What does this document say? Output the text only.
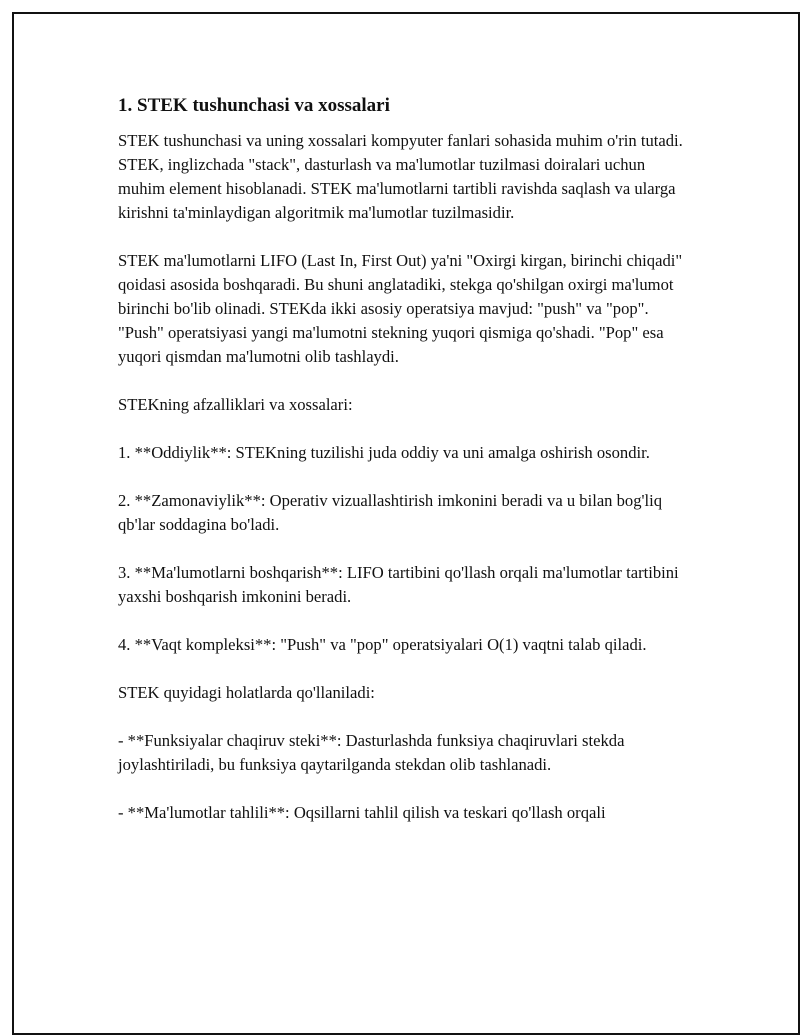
1. STEK tushunchasi va xossalari

STEK tushunchasi va uning xossalari kompyuter fanlari sohasida muhim o'rin tutadi. STEK, inglizchada "stack", dasturlash va ma'lumotlar tuzilmasi doiralari uchun muhim element hisoblanadi. STEK ma'lumotlarni tartibli ravishda saqlash va ularga kirishni ta'minlaydigan algoritmik ma'lumotlar tuzilmasidir.

STEK ma'lumotlarni LIFO (Last In, First Out) ya'ni "Oxirgi kirgan, birinchi chiqadi" qoidasi asosida boshqaradi. Bu shuni anglatadiki, stekga qo'shilgan oxirgi ma'lumot birinchi bo'lib olinadi. STEKda ikki asosiy operatsiya mavjud: "push" va "pop". "Push" operatsiyasi yangi ma'lumotni stekning yuqori qismiga qo'shadi. "Pop" esa yuqori qismdan ma'lumotni olib tashlaydi.

STEKning afzalliklari va xossalari:

1. **Oddiylik**: STEKning tuzilishi juda oddiy va uni amalga oshirish osondir.

2. **Zamonaviylik**: Operativ vizuallashtirish imkonini beradi va u bilan bog'liq qb'lar soddagina bo'ladi.

3. **Ma'lumotlarni boshqarish**: LIFO tartibini qo'llash orqali ma'lumotlar tartibini yaxshi boshqarish imkonini beradi.

4. **Vaqt kompleksi**: "Push" va "pop" operatsiyalari O(1) vaqtni talab qiladi.

STEK quyidagi holatlarda qo'llaniladi:

- **Funksiyalar chaqiruv steki**: Dasturlashda funksiya chaqiruvlari stekda joylashtiriladi, bu funksiya qaytarilganda stekdan olib tashlanadi.

- **Ma'lumotlar tahlili**: Oqsillarni tahlil qilish va teskari qo'llash orqali
